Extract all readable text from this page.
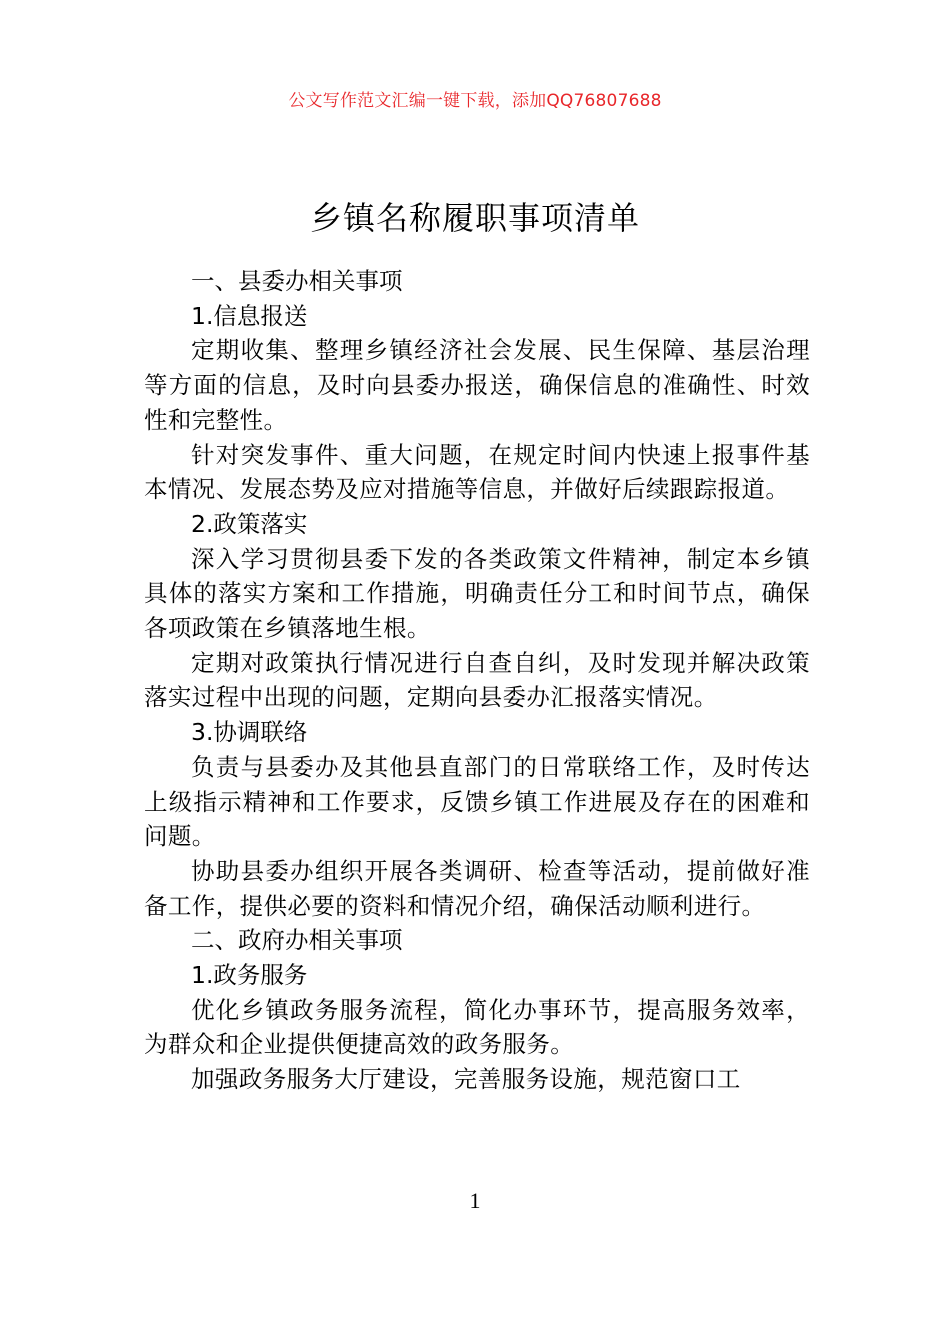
公文写作范文汇编一键下载，添加QQ76807688
乡镇名称履职事项清单

一、县委办相关事项

1.信息报送

定期收集、整理乡镇经济社会发展、民生保障、基层治理等方面的信息，及时向县委办报送，确保信息的准确性、时效性和完整性。

针对突发事件、重大问题，在规定时间内快速上报事件基本情况、发展态势及应对措施等信息，并做好后续跟踪报道。

2.政策落实

深入学习贯彻县委下发的各类政策文件精神，制定本乡镇具体的落实方案和工作措施，明确责任分工和时间节点，确保各项政策在乡镇落地生根。

定期对政策执行情况进行自查自纠，及时发现并解决政策落实过程中出现的问题，定期向县委办汇报落实情况。

3.协调联络

负责与县委办及其他县直部门的日常联络工作，及时传达上级指示精神和工作要求，反馈乡镇工作进展及存在的困难和问题。

协助县委办组织开展各类调研、检查等活动，提前做好准备工作，提供必要的资料和情况介绍，确保活动顺利进行。

二、政府办相关事项

1.政务服务

优化乡镇政务服务流程，简化办事环节，提高服务效率，为群众和企业提供便捷高效的政务服务。

加强政务服务大厅建设，完善服务设施，规范窗口工

1
